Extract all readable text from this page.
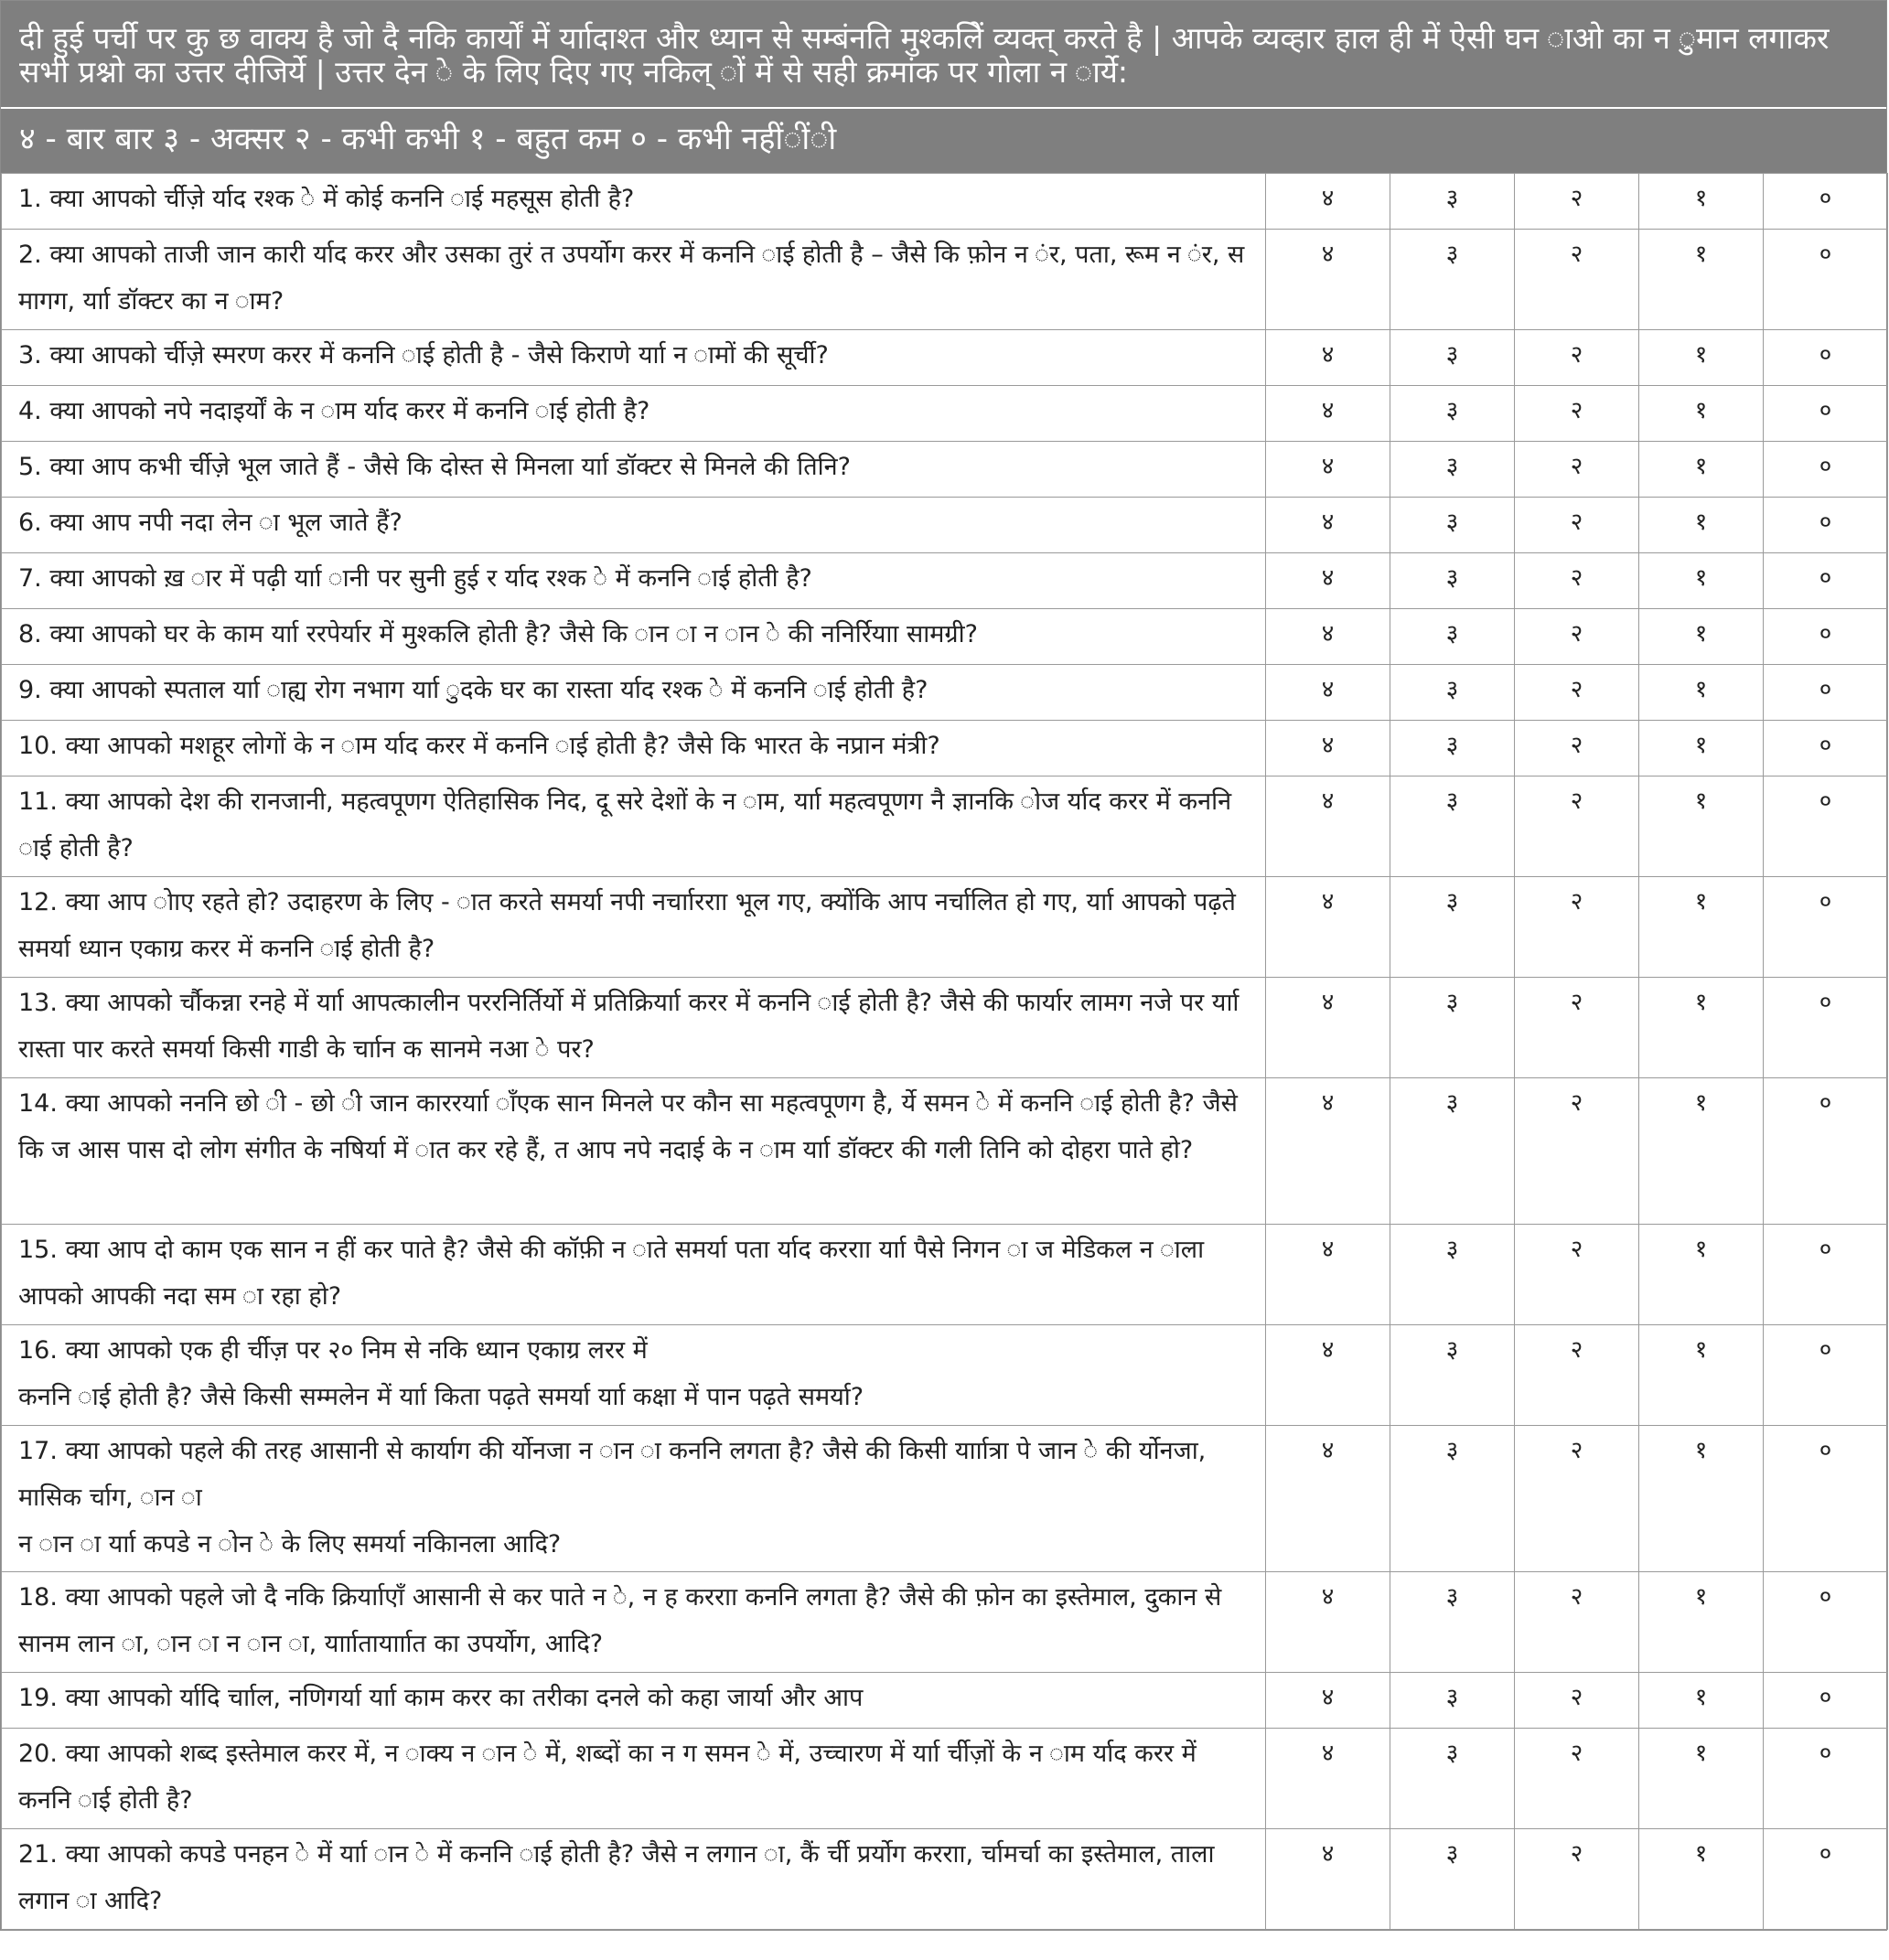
दी हुई पर्ची पर कु छ वाक्य है जो दै नकि कार्यों में र्याादाश्त और ध्यान से सम्बंनति मुश्कलिें व्यक्त् करते है | आपके व्यव्हार हाल ही में ऐसी घन ाओ का न ुमान लगाकर सभी प्रश्नो का उत्तर दीजिर्ये | उत्तर देन े के लिए दिए गए नकिल् ों में से सही क्रमांक पर गोला न ार्ये:
४ - बार बार ३ - अक्सर २ - कभी कभी १ - बहुत कम ० - कभी नहींींी
1. क्या आपको र्चीज़े र्याद रश्क े में कोई कननि ाई महसूस होती है?	४	३	२	१	०
2. क्या आपको ताजी जान कारी र्याद करर और उसका तुरं त उपर्योग करर में कननि ाई होती है – जैसे कि फ़ोन न ंर, पता, रूम न ंर, स मागग, र्याा डॉक्टर का न ाम?	४	३	२	१	०
3. क्या आपको र्चीज़े स्मरण करर में कननि ाई होती है - जैसे किराणे र्याा न ामों की सूर्ची?	४	३	२	१	०
4. क्या आपको नपे नदाइर्यों के न ाम र्याद करर में कननि ाई होती है?	४	३	२	१	०
5. क्या आप कभी र्चीज़े भूल जाते हैं - जैसे कि दोस्त से मिनला र्याा डॉक्टर से मिनले की तिनि?	४	३	२	१	०
6. क्या आप नपी नदा लेन ा भूल जाते हैं?	४	३	२	१	०
7. क्या आपको ख़ ार में पढ़ी र्याा ानी पर सुनी हुई र र्याद रश्क े में कननि ाई होती है?	४	३	२	१	०
8. क्या आपको घर के काम र्याा ररपेर्यार में मुश्कलि होती है? जैसे कि ान ा न ान े की ननिर्रियाा सामग्री?	४	३	२	१	०
9. क्या आपको स्पताल र्याा ाह्य रोग नभाग र्याा ुदके घर का रास्ता र्याद रश्क े में कननि ाई होती है?	४	३	२	१	०
10. क्या आपको मशहूर लोगों के न ाम र्याद करर में कननि ाई होती है? जैसे कि भारत के नप्रान मंत्री?	४	३	२	१	०
11. क्या आपको देश की रानजानी, महत्वपूणग ऐतिहासिक निद, दू सरे देशों के न ाम, र्याा महत्वपूणग नै ज्ञानकि ोज र्याद करर में कननि ाई होती है?	४	३	२	१	०
12. क्या आप ाेाए रहते हो? उदाहरण के लिए - ात करते समर्या नपी नर्चाारराा भूल गए, क्योंकि आप नर्चालित हो गए, र्याा आपको पढ़ते समर्या ध्यान एकाग्र करर में कननि ाई होती है?	४	३	२	१	०
13. क्या आपको र्चौकन्ना रनहे में र्याा आपत्कालीन पररनिर्तिर्यो में प्रतिक्रिर्याा करर में कननि ाई होती है? जैसे की फार्यार लामग नजे पर र्याा रास्ता पार करते समर्या किसी गाडी के र्चाान क सानमे नआ े पर?	४	३	२	१	०
14. क्या आपको नननि छो ी - छो ी जान काररर्याा ाँएक सान मिनले पर कौन सा महत्वपूणग है, र्ये समन े में कननि ाई होती है? जैसे कि ज आस पास दो लोग संगीत के नषिर्या में ात कर रहे हैं, त आप नपे नदाई के न ाम र्याा डॉक्टर की गली तिनि को दोहरा पाते हो?	४	३	२	१	०
15. क्या आप दो काम एक सान न हीं कर पाते है? जैसे की कॉफ़ी न ाते समर्या पता र्याद करराा र्याा पैसे निगन ा ज मेडिकल न ाला आपको आपकी नदा सम ा रहा हो?	४	३	२	१	०
16. क्या आपको एक ही र्चीज़ पर २० निम से नकि ध्यान एकाग्र लरर में
कननि ाई होती है? जैसे किसी सम्मलेन में र्याा किता पढ़ते समर्या र्याा कक्षा में पान पढ़ते समर्या?	४	३	२	१	०
17. क्या आपको पहले की तरह आसानी से कार्याग की र्योनजा न ान ा कननि लगता है? जैसे की किसी र्यााात्रा पे जान े की र्योनजा, मासिक र्चाग, ान ा
न ान ा र्याा कपडे न ोन े के लिए समर्या नकिानला आदि?	४	३	२	१	०
18. क्या आपको पहले जो दै नकि क्रिर्यााएाँ आसानी से कर पाते न े, न ह करराा कननि लगता है? जैसे की फ़ोन का इस्तेमाल, दुकान से सानम लान ा, ान ा न ान ा, र्यााातार्यााात का उपर्योग, आदि?	४	३	२	१	०
19. क्या आपको र्यादि र्चााल, नणिगर्या र्याा काम करर का तरीका दनले को कहा जार्या और आप	४	३	२	१	०
20. क्या आपको शब्द इस्तेमाल करर में, न ाक्य न ान े में, शब्दों का न ग समन े में, उच्चारण में र्याा र्चीज़ों के न ाम र्याद करर में कननि ाई होती है?	४	३	२	१	०
21. क्या आपको कपडे पनहन े में र्याा ान े में कननि ाई होती है? जैसे न लगान ा, कैं र्ची प्रर्योग करराा, र्चामर्चा का इस्तेमाल, ताला लगान ा आदि?	४	३	२	१	०
